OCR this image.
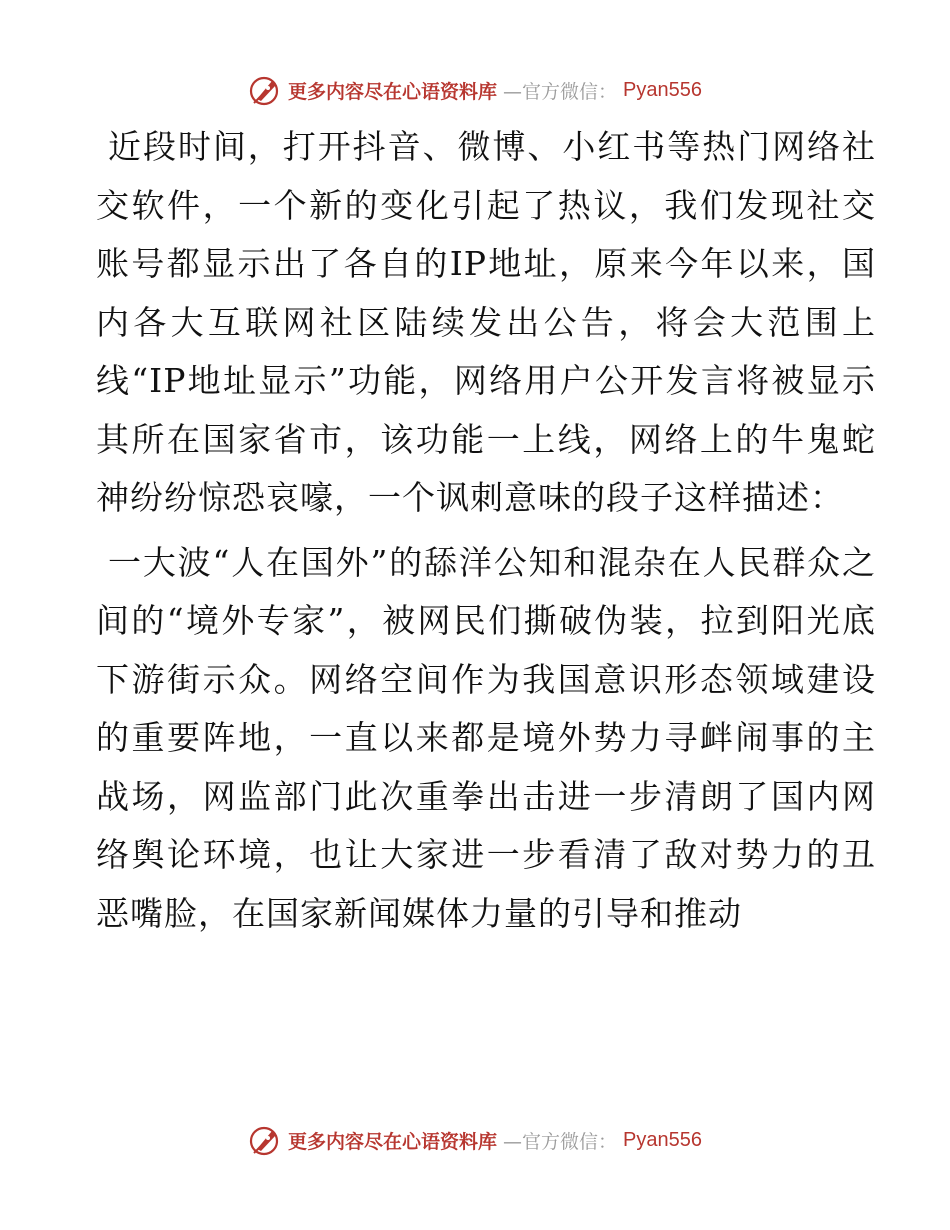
更多内容尽在心语资料库 —官方微信： Pyan556

近段时间，打开抖音、微博、小红书等热门网络社交软件，一个新的变化引起了热议，我们发现社交账号都显示出了各自的IP地址，原来今年以来，国内各大互联网社区陆续发出公告，将会大范围上线“IP地址显示”功能，网络用户公开发言将被显示其所在国家省市，该功能一上线，网络上的牛鬼蛇神纷纷惊恐哀嚎，一个讽刺意味的段子这样描述：

一大波“人在国外”的舔洋公知和混杂在人民群众之间的“境外专家”，被网民们撕破伪装，拉到阳光底下游街示众。网络空间作为我国意识形态领域建设的重要阵地，一直以来都是境外势力寻衅闹事的主战场，网监部门此次重拳出击进一步清朗了国内网络舆论环境，也让大家进一步看清了敌对势力的丑恶嘴脸，在国家新闻媒体力量的引导和推动

更多内容尽在心语资料库 —官方微信： Pyan556
